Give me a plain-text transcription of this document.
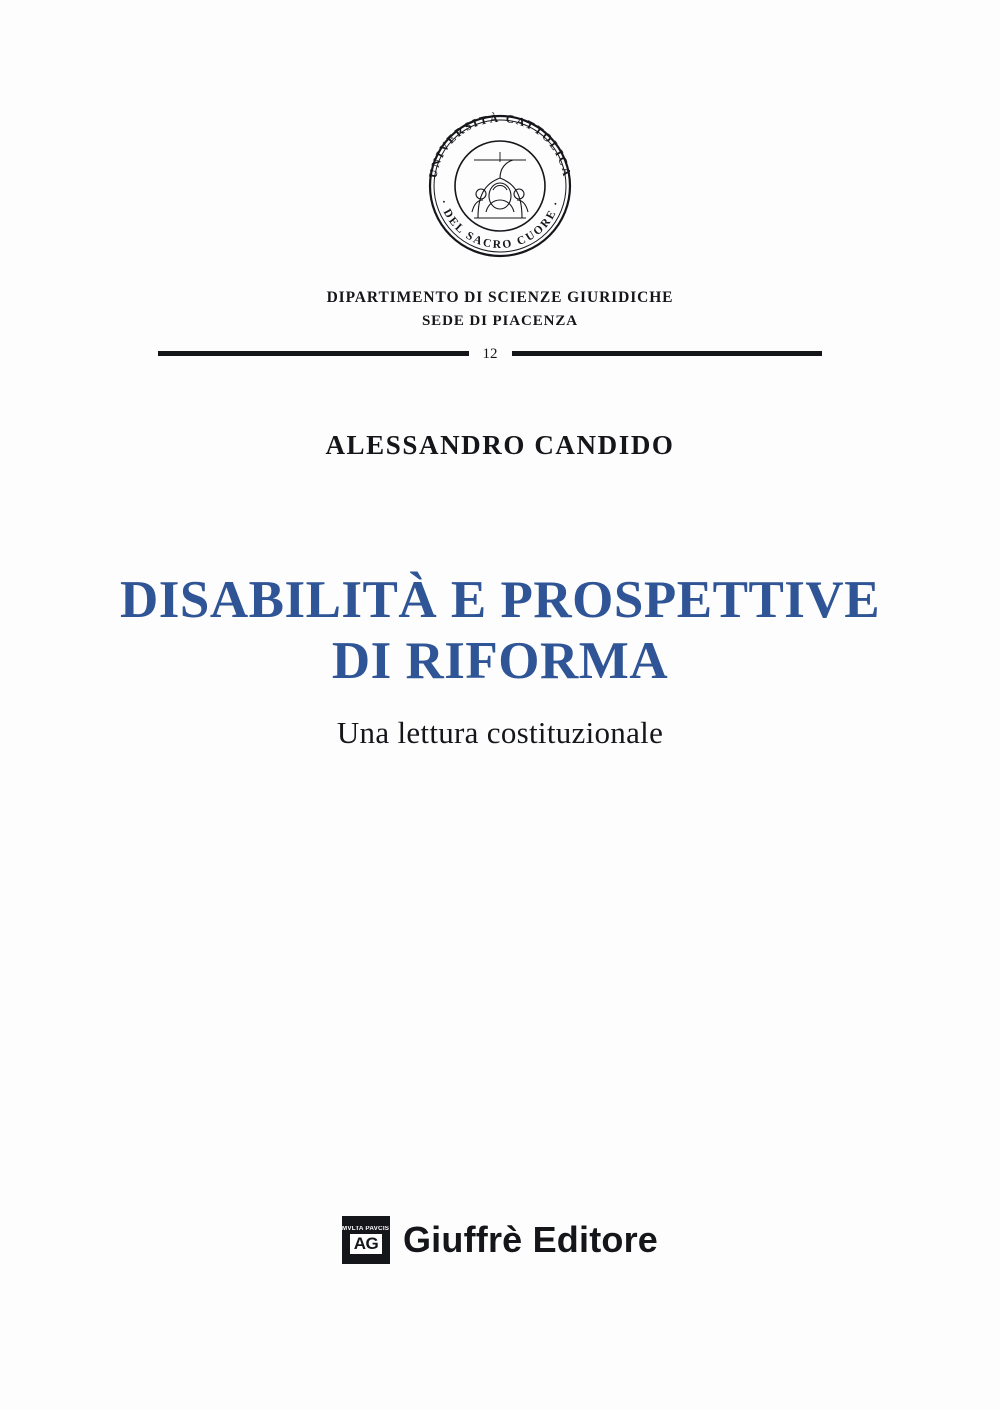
UNIVERSITÀ CATTOLICA
· DEL SACRO CUORE ·
DIPARTIMENTO DI SCIENZE GIURIDICHE
SEDE DI PIACENZA
12
ALESSANDRO CANDIDO
DISABILITÀ E PROSPETTIVE
DI RIFORMA
Una lettura costituzionale
MVLTA PAVCIS
AG Giuffrè Editore
